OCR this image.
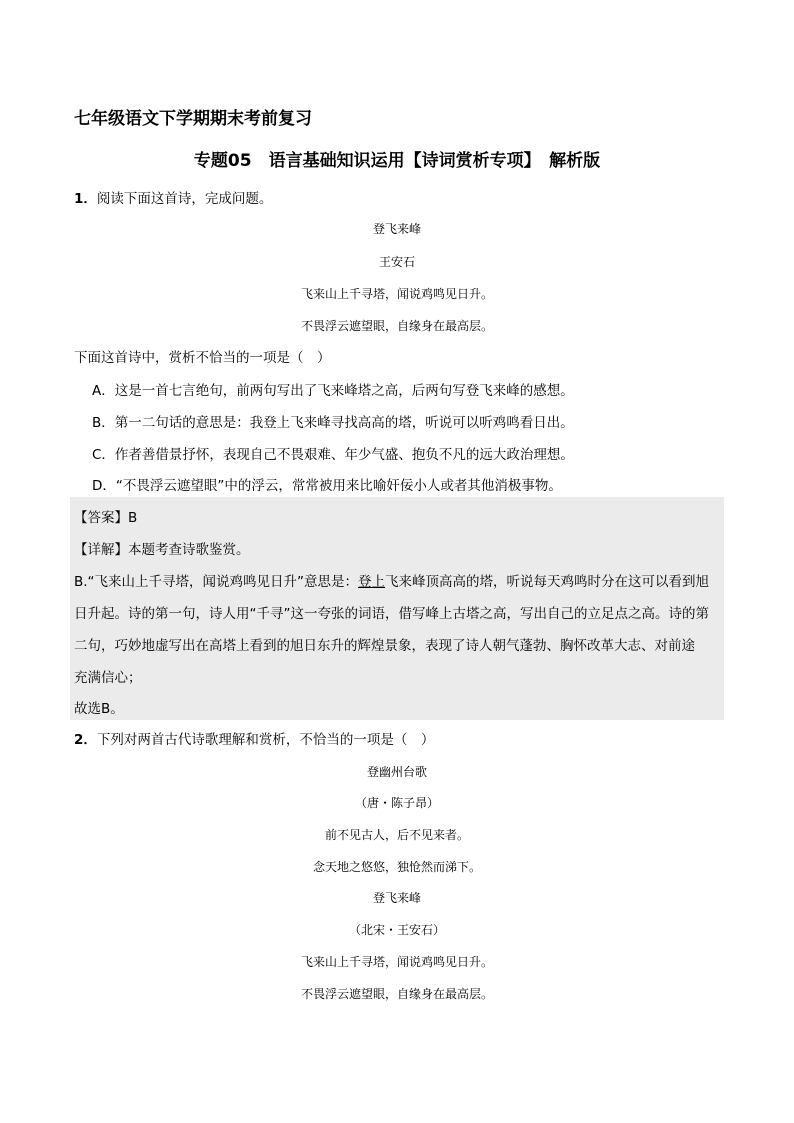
七年级语文下学期期末考前复习
专题05　语言基础知识运用【诗词赏析专项】　解析版
1．阅读下面这首诗，完成问题。
登飞来峰
王安石
飞来山上千寻塔，闻说鸡鸣见日升。
不畏浮云遮望眼，自缘身在最高层。
下面这首诗中，赏析不恰当的一项是（　）
A．这是一首七言绝句，前两句写出了飞来峰塔之高，后两句写登飞来峰的感想。
B．第一二句话的意思是：我登上飞来峰寻找高高的塔，听说可以听鸡鸣看日出。
C．作者善借景抒怀，表现自己不畏艰难、年少气盛、抱负不凡的远大政治理想。
D．“不畏浮云遮望眼”中的浮云，常常被用来比喻奸佞小人或者其他消极事物。
【答案】B
【详解】本题考查诗歌鉴赏。
B.“飞来山上千寻塔，闻说鸡鸣见日升”意思是：登上飞来峰顶高高的塔，听说每天鸡鸣时分在这可以看到旭
日升起。诗的第一句，诗人用“千寻”这一夸张的词语，借写峰上古塔之高，写出自己的立足点之高。诗的第
二句，巧妙地虚写出在高塔上看到的旭日东升的辉煌景象，表现了诗人朝气蓬勃、胸怀改革大志、对前途
充满信心；
故选B。
2．下列对两首古代诗歌理解和赏析，不恰当的一项是（　）
登幽州台歌
（唐・陈子昂）
前不见古人，后不见来者。
念天地之悠悠，独怆然而涕下。
登飞来峰
（北宋・王安石）
飞来山上千寻塔，闻说鸡鸣见日升。
不畏浮云遮望眼，自缘身在最高层。
